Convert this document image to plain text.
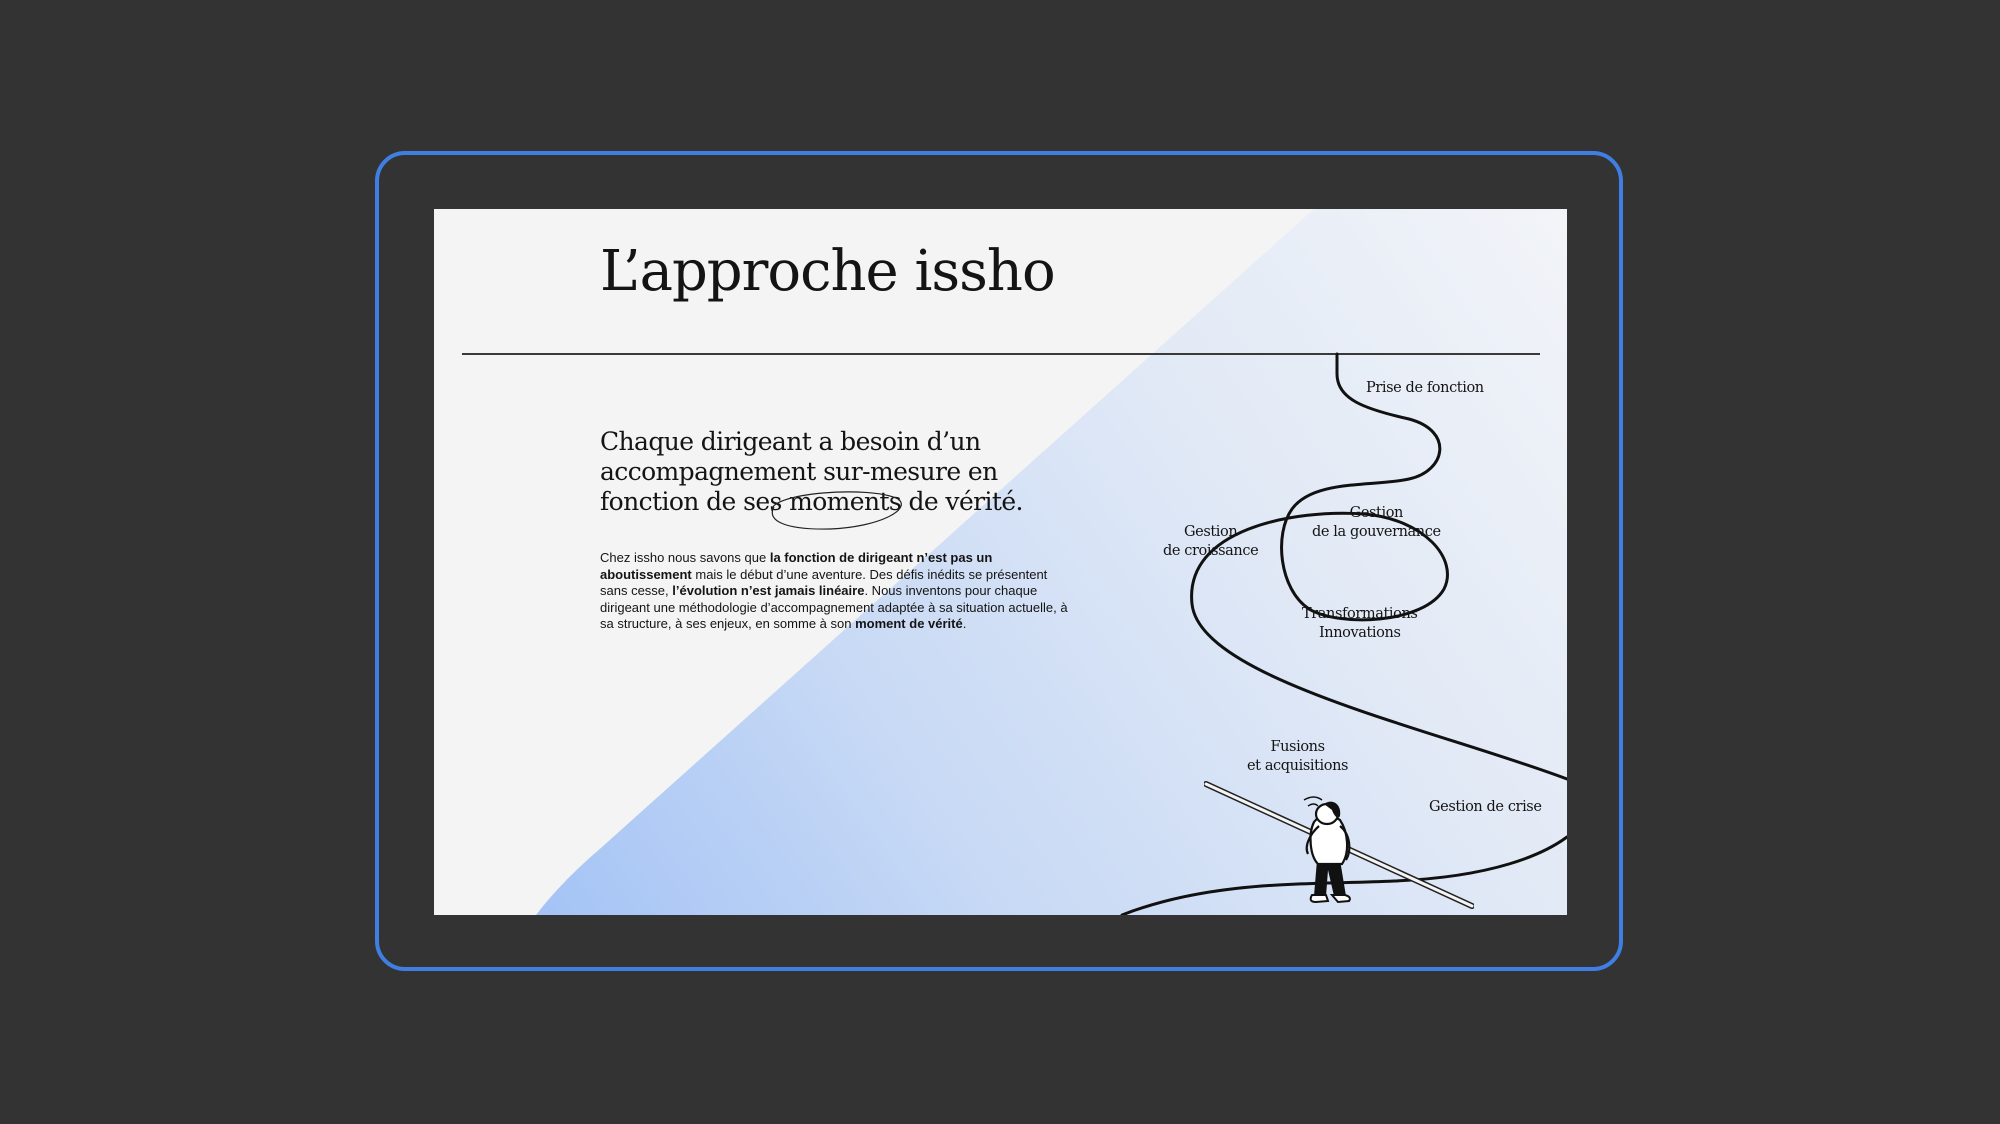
L’approche issho
Chaque dirigeant a besoin d’un
accompagnement sur-mesure en
fonction de ses moments de vérité.

Chez issho nous savons que la fonction de dirigeant n’est pas un aboutissement mais le début d’une aventure. Des défis inédits se présentent sans cesse, l’évolution n’est jamais linéaire. Nous inventons pour chaque dirigeant une méthodologie d’accompagnement adaptée à sa situation actuelle, à sa structure, à ses enjeux, en somme à son moment de vérité.

Prise de fonction
Gestion
de la gouvernance
Gestion
de croissance
Transformations
Innovations
Fusions
et acquisitions
Gestion de crise
